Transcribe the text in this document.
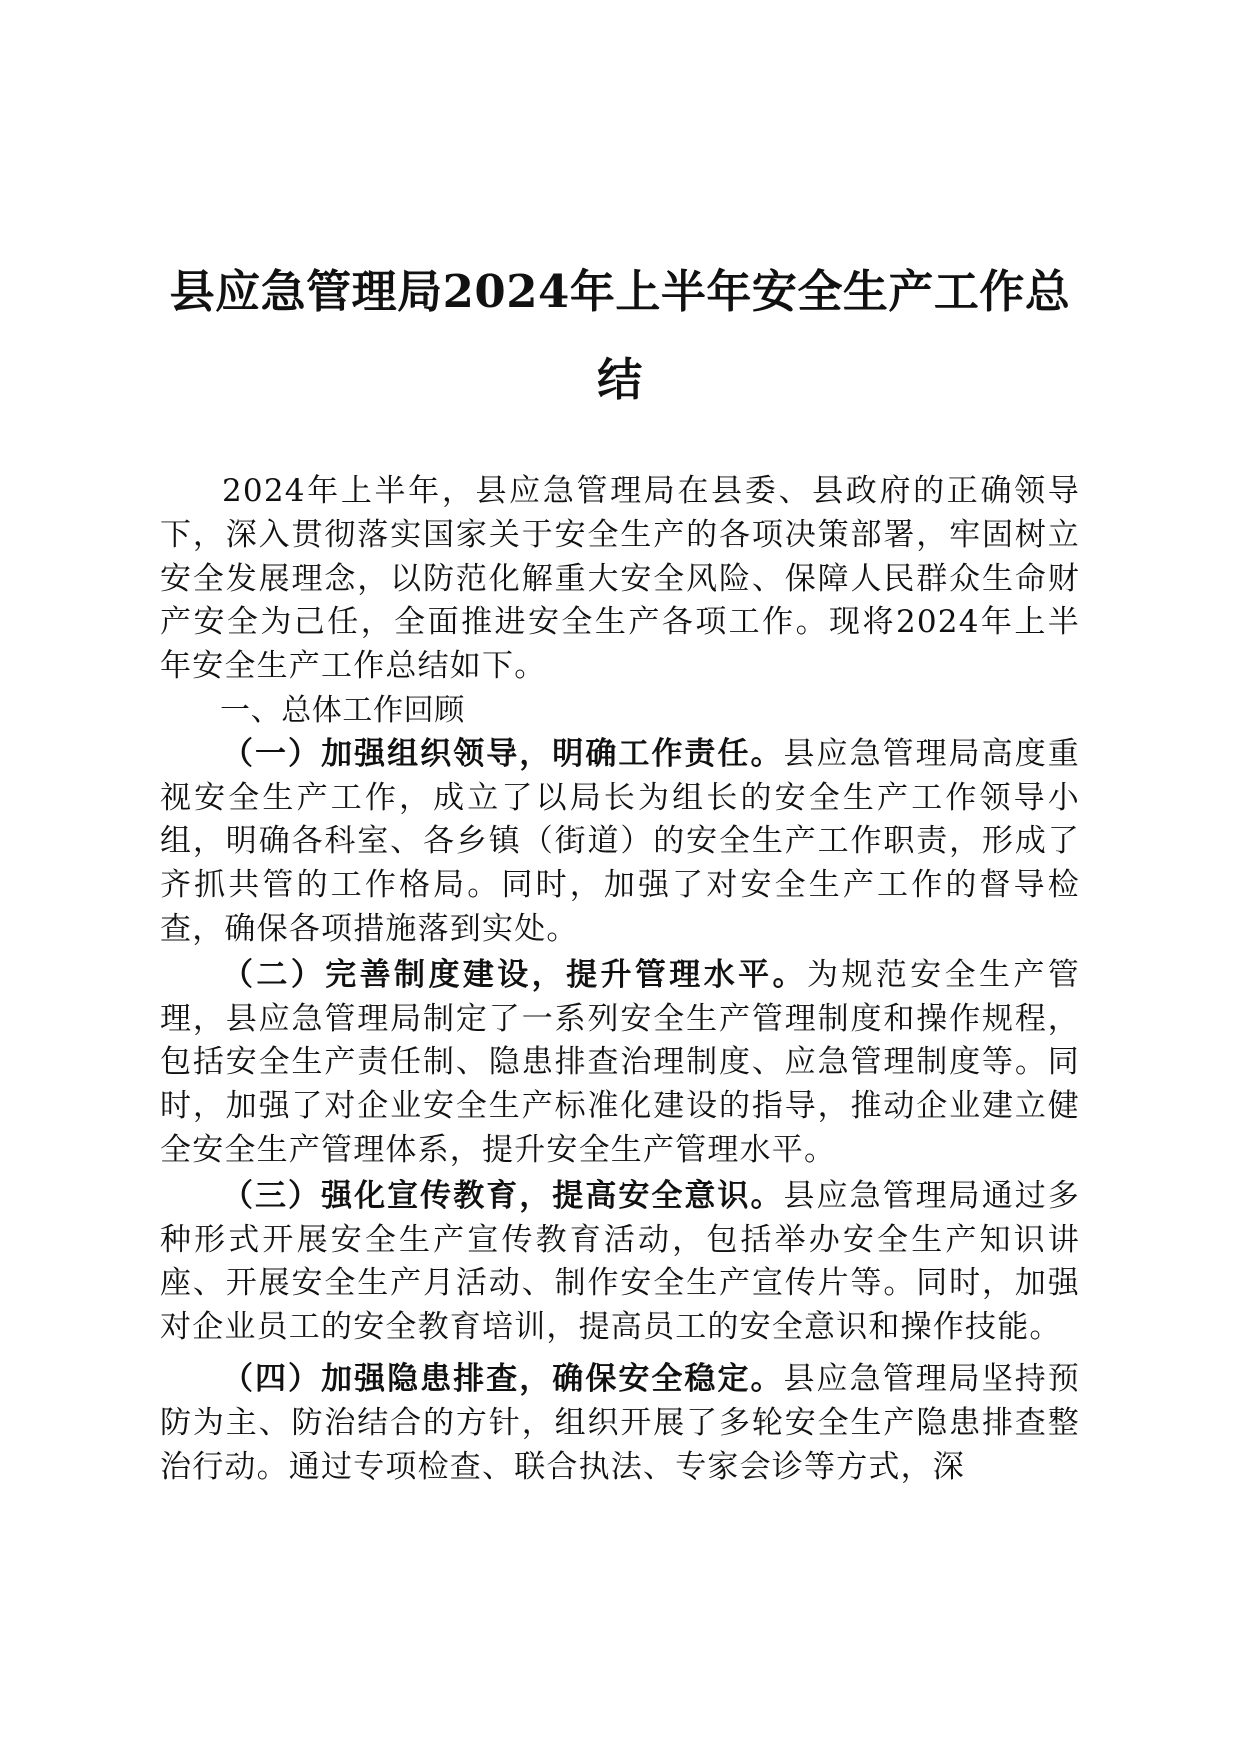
县应急管理局2024年上半年安全生产工作总结

2024年上半年，县应急管理局在县委、县政府的正确领导下，深入贯彻落实国家关于安全生产的各项决策部署，牢固树立安全发展理念，以防范化解重大安全风险、保障人民群众生命财产安全为己任，全面推进安全生产各项工作。现将2024年上半年安全生产工作总结如下。

一、总体工作回顾

（一）加强组织领导，明确工作责任。县应急管理局高度重视安全生产工作，成立了以局长为组长的安全生产工作领导小组，明确各科室、各乡镇（街道）的安全生产工作职责，形成了齐抓共管的工作格局。同时，加强了对安全生产工作的督导检查，确保各项措施落到实处。

（二）完善制度建设，提升管理水平。为规范安全生产管理，县应急管理局制定了一系列安全生产管理制度和操作规程，包括安全生产责任制、隐患排查治理制度、应急管理制度等。同时，加强了对企业安全生产标准化建设的指导，推动企业建立健全安全生产管理体系，提升安全生产管理水平。

（三）强化宣传教育，提高安全意识。县应急管理局通过多种形式开展安全生产宣传教育活动，包括举办安全生产知识讲座、开展安全生产月活动、制作安全生产宣传片等。同时，加强对企业员工的安全教育培训，提高员工的安全意识和操作技能。

（四）加强隐患排查，确保安全稳定。县应急管理局坚持预防为主、防治结合的方针，组织开展了多轮安全生产隐患排查整治行动。通过专项检查、联合执法、专家会诊等方式，深
